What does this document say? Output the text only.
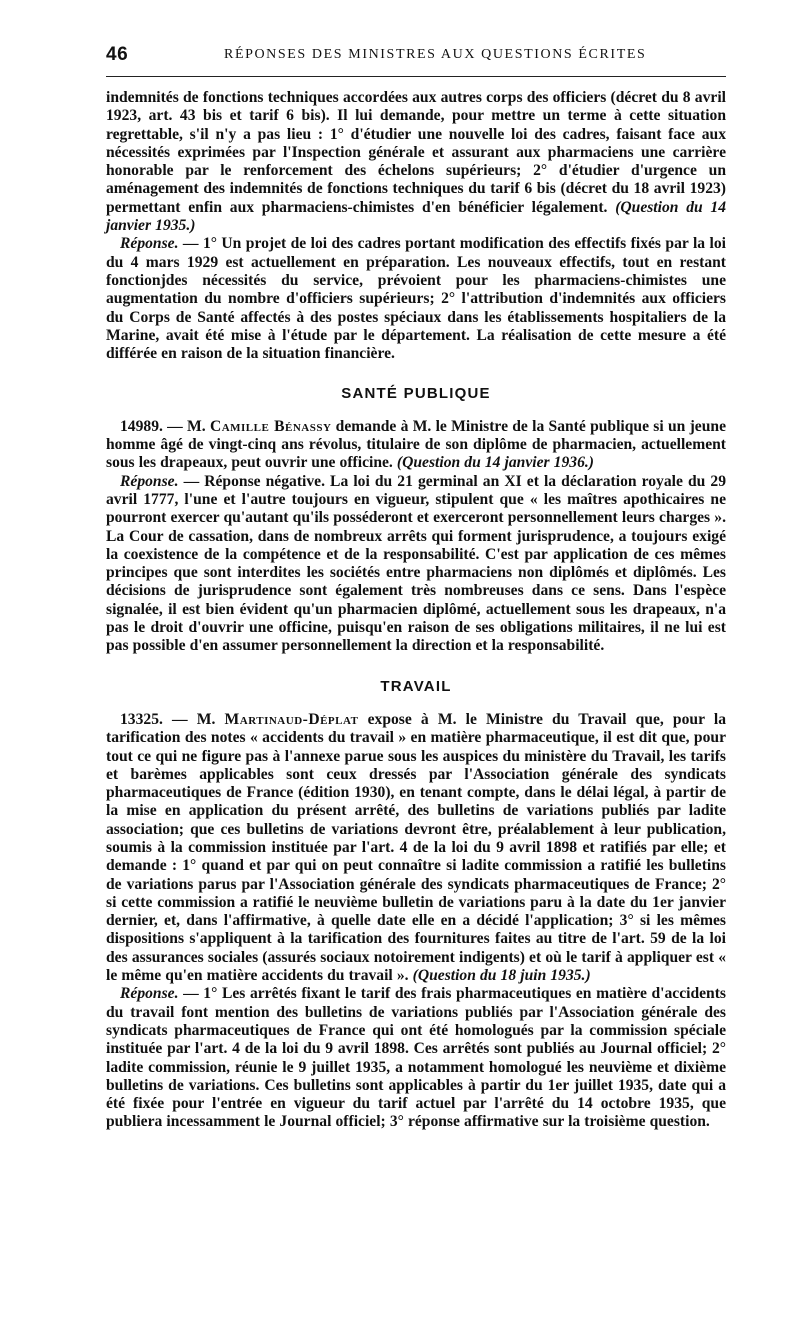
46	RÉPONSES DES MINISTRES AUX QUESTIONS ÉCRITES

indemnités de fonctions techniques accordées aux autres corps des officiers (décret du 8 avril 1923, art. 43 bis et tarif 6 bis). Il lui demande, pour mettre un terme à cette situation regrettable, s'il n'y a pas lieu : 1° d'étudier une nouvelle loi des cadres, faisant face aux nécessités exprimées par l'Inspection générale et assurant aux pharmaciens une carrière honorable par le renforcement des échelons supérieurs; 2° d'étudier d'urgence un aménagement des indemnités de fonctions techniques du tarif 6 bis (décret du 18 avril 1923) permettant enfin aux pharmaciens-chimistes d'en bénéficier légalement. (Question du 14 janvier 1935.)

Réponse. — 1° Un projet de loi des cadres portant modification des effectifs fixés par la loi du 4 mars 1929 est actuellement en préparation. Les nouveaux effectifs, tout en restant fonctionjdes nécessités du service, prévoient pour les pharmaciens-chimistes une augmentation du nombre d'officiers supérieurs; 2° l'attribution d'indemnités aux officiers du Corps de Santé affectés à des postes spéciaux dans les établissements hospitaliers de la Marine, avait été mise à l'étude par le département. La réalisation de cette mesure a été différée en raison de la situation financière.

SANTÉ PUBLIQUE

14989. — M. Camille Bénassy demande à M. le Ministre de la Santé publique si un jeune homme âgé de vingt-cinq ans révolus, titulaire de son diplôme de pharmacien, actuellement sous les drapeaux, peut ouvrir une officine. (Question du 14 janvier 1936.)

Réponse. — Réponse négative. La loi du 21 germinal an XI et la déclaration royale du 29 avril 1777, l'une et l'autre toujours en vigueur, stipulent que « les maîtres apothicaires ne pourront exercer qu'autant qu'ils posséderont et exerceront personnellement leurs charges ». La Cour de cassation, dans de nombreux arrêts qui forment jurisprudence, a toujours exigé la coexistence de la compétence et de la responsabilité. C'est par application de ces mêmes principes que sont interdites les sociétés entre pharmaciens non diplômés et diplômés. Les décisions de jurisprudence sont également très nombreuses dans ce sens. Dans l'espèce signalée, il est bien évident qu'un pharmacien diplômé, actuellement sous les drapeaux, n'a pas le droit d'ouvrir une officine, puisqu'en raison de ses obligations militaires, il ne lui est pas possible d'en assumer personnellement la direction et la responsabilité.

TRAVAIL

13325. — M. Martinaud-Déplat expose à M. le Ministre du Travail que, pour la tarification des notes « accidents du travail » en matière pharmaceutique, il est dit que, pour tout ce qui ne figure pas à l'annexe parue sous les auspices du ministère du Travail, les tarifs et barèmes applicables sont ceux dressés par l'Association générale des syndicats pharmaceutiques de France (édition 1930), en tenant compte, dans le délai légal, à partir de la mise en application du présent arrêté, des bulletins de variations publiés par ladite association; que ces bulletins de variations devront être, préalablement à leur publication, soumis à la commission instituée par l'art. 4 de la loi du 9 avril 1898 et ratifiés par elle; et demande : 1° quand et par qui on peut connaître si ladite commission a ratifié les bulletins de variations parus par l'Association générale des syndicats pharmaceutiques de France; 2° si cette commission a ratifié le neuvième bulletin de variations paru à la date du 1er janvier dernier, et, dans l'affirmative, à quelle date elle en a décidé l'application; 3° si les mêmes dispositions s'appliquent à la tarification des fournitures faites au titre de l'art. 59 de la loi des assurances sociales (assurés sociaux notoirement indigents) et où le tarif à appliquer est « le même qu'en matière accidents du travail ». (Question du 18 juin 1935.)

Réponse. — 1° Les arrêtés fixant le tarif des frais pharmaceutiques en matière d'accidents du travail font mention des bulletins de variations publiés par l'Association générale des syndicats pharmaceutiques de France qui ont été homologués par la commission spéciale instituée par l'art. 4 de la loi du 9 avril 1898. Ces arrêtés sont publiés au Journal officiel; 2° ladite commission, réunie le 9 juillet 1935, a notamment homologué les neuvième et dixième bulletins de variations. Ces bulletins sont applicables à partir du 1er juillet 1935, date qui a été fixée pour l'entrée en vigueur du tarif actuel par l'arrêté du 14 octobre 1935, que publiera incessamment le Journal officiel; 3° réponse affirmative sur la troisième question.
